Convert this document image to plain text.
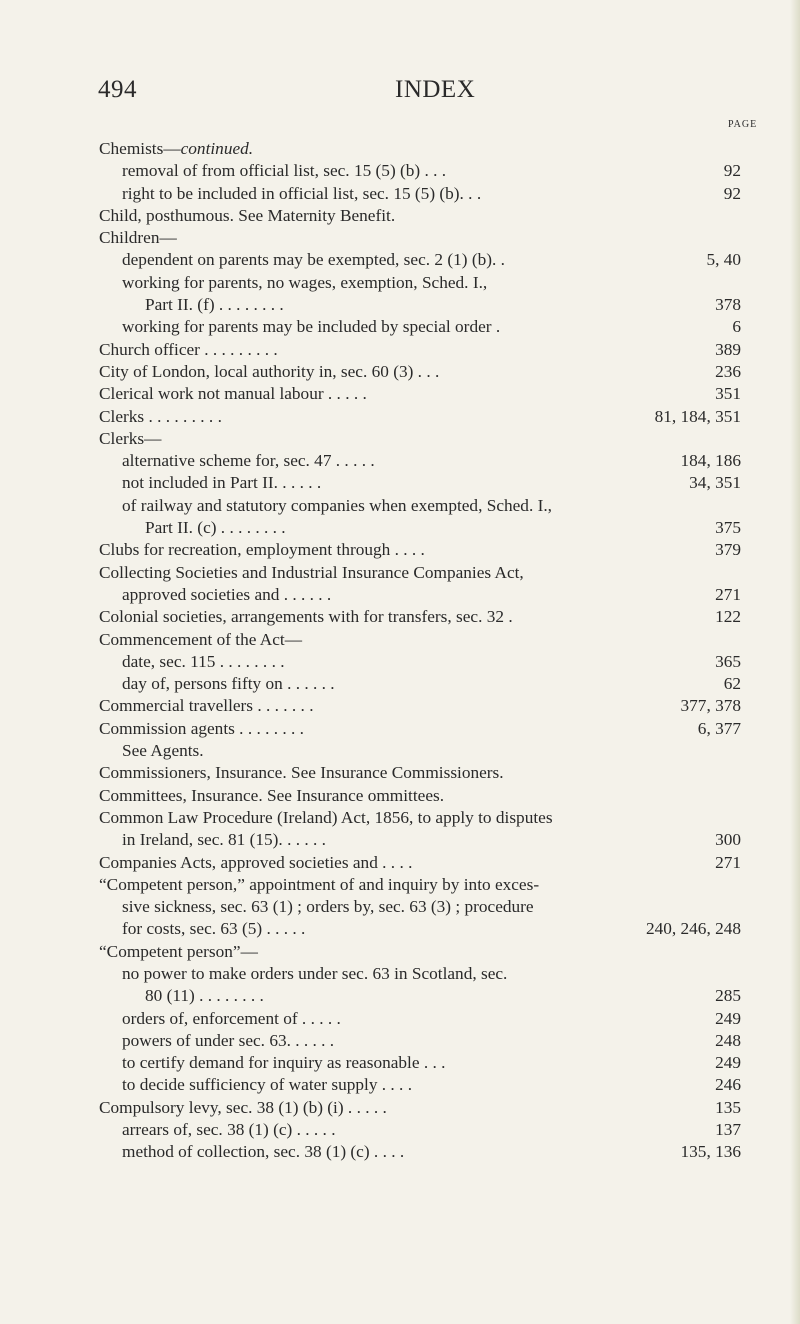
494	INDEX
PAGE
Chemists—continued.
removal of from official list, sec. 15 (5) (b) . . .	92
right to be included in official list, sec. 15 (5) (b). . .	92
Child, posthumous. See Maternity Benefit.
Children—
dependent on parents may be exempted, sec. 2 (1) (b). .	5, 40
working for parents, no wages, exemption, Sched. I.,
Part II. (f) . . . . . . . .	378
working for parents may be included by special order .	6
Church officer . . . . . . . . .	389
City of London, local authority in, sec. 60 (3) . . .	236
Clerical work not manual labour . . . . .	351
Clerks . . . . . . . . .	81, 184, 351
Clerks—
alternative scheme for, sec. 47 . . . . .	184, 186
not included in Part II. . . . . .	34, 351
of railway and statutory companies when exempted, Sched. I.,
Part II. (c) . . . . . . . .	375
Clubs for recreation, employment through . . . .	379
Collecting Societies and Industrial Insurance Companies Act,
approved societies and . . . . . .	271
Colonial societies, arrangements with for transfers, sec. 32 .	122
Commencement of the Act—
date, sec. 115 . . . . . . . .	365
day of, persons fifty on . . . . . .	62
Commercial travellers . . . . . . .	377, 378
Commission agents . . . . . . . .	6, 377
See Agents.
Commissioners, Insurance. See Insurance Commissioners.
Committees, Insurance. See Insurance ommittees.
Common Law Procedure (Ireland) Act, 1856, to apply to disputes
in Ireland, sec. 81 (15). . . . . .	300
Companies Acts, approved societies and . . . .	271
“Competent person,” appointment of and inquiry by into exces-
sive sickness, sec. 63 (1) ; orders by, sec. 63 (3) ; procedure
for costs, sec. 63 (5) . . . . .	240, 246, 248
“Competent person”—
no power to make orders under sec. 63 in Scotland, sec.
80 (11) . . . . . . . .	285
orders of, enforcement of . . . . .	249
powers of under sec. 63. . . . . .	248
to certify demand for inquiry as reasonable . . .	249
to decide sufficiency of water supply . . . .	246
Compulsory levy, sec. 38 (1) (b) (i) . . . . .	135
arrears of, sec. 38 (1) (c) . . . . .	137
method of collection, sec. 38 (1) (c) . . . .	135, 136
